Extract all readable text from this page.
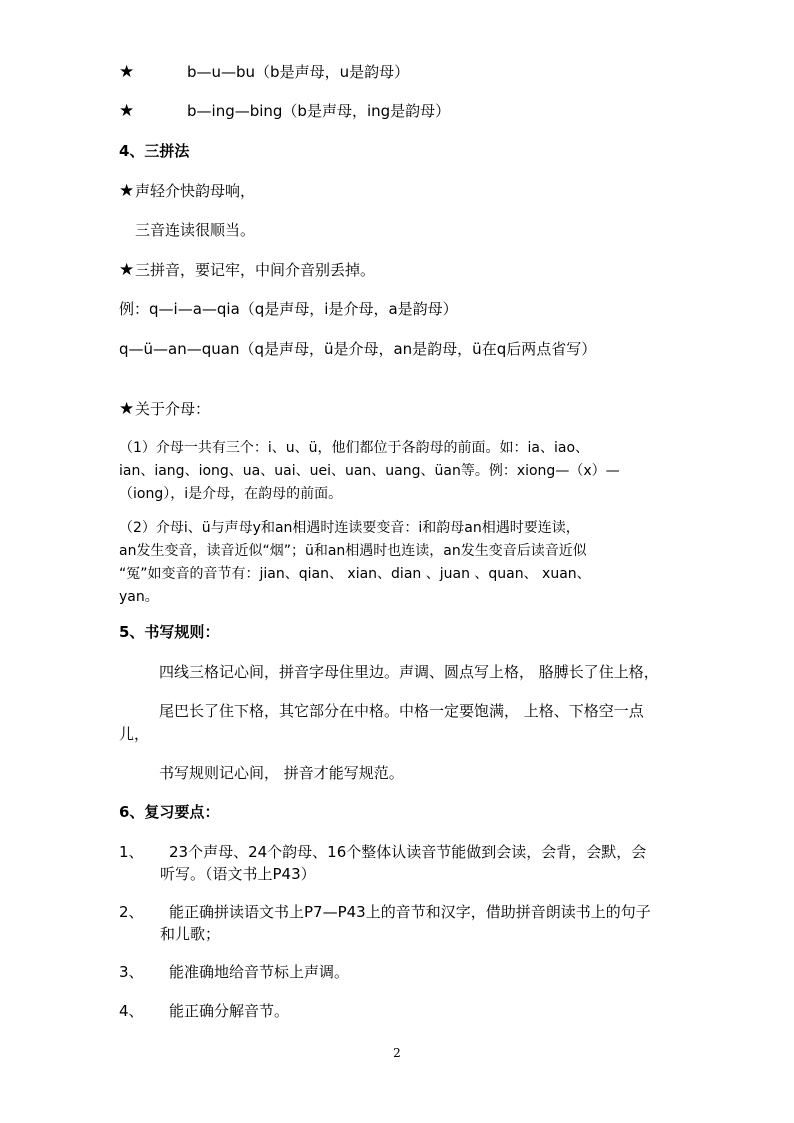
★	b—u—bu（b是声母，u是韵母）
★	b—ing—bing（b是声母，ing是韵母）
4、三拼法
★ 声轻介快韵母响，
三音连读很顺当。
★ 三拼音，要记牢，中间介音别丢掉。
例：q—i—a—qia（q是声母，i是介母，a是韵母）
q—ü—an—quan（q是声母，ü是介母，an是韵母，ü在q后两点省写）
★ 关于介母：
（1）介母一共有三个：i、u、ü，他们都位于各韵母的前面。如：ia、iao、
ian、iang、iong、ua、uai、uei、uan、uang、üan等。例：xiong—（x）—
（iong），i是介母，在韵母的前面。
（2）介母i、ü与声母y和an相遇时连读要变音：i和韵母an相遇时要连读，
an发生变音，读音近似“烟”；ü和an相遇时也连读，an发生变音后读音近似
“冤”如变音的音节有：jian、qian、 xian、dian 、juan 、quan、 xuan、
yan。
5、书写规则：
四线三格记心间，拼音字母住里边。声调、圆点写上格， 胳膊长了住上格，
尾巴长了住下格，其它部分在中格。中格一定要饱满， 上格、下格空一点
儿，
书写规则记心间， 拼音才能写规范。
6、复习要点：
1、 23个声母、24个韵母、16个整体认读音节能做到会读，会背，会默，会
听写。（语文书上P43）
2、 能正确拼读语文书上P7—P43上的音节和汉字，借助拼音朗读书上的句子
和儿歌；
3、 能准确地给音节标上声调。
4、 能正确分解音节。
2
